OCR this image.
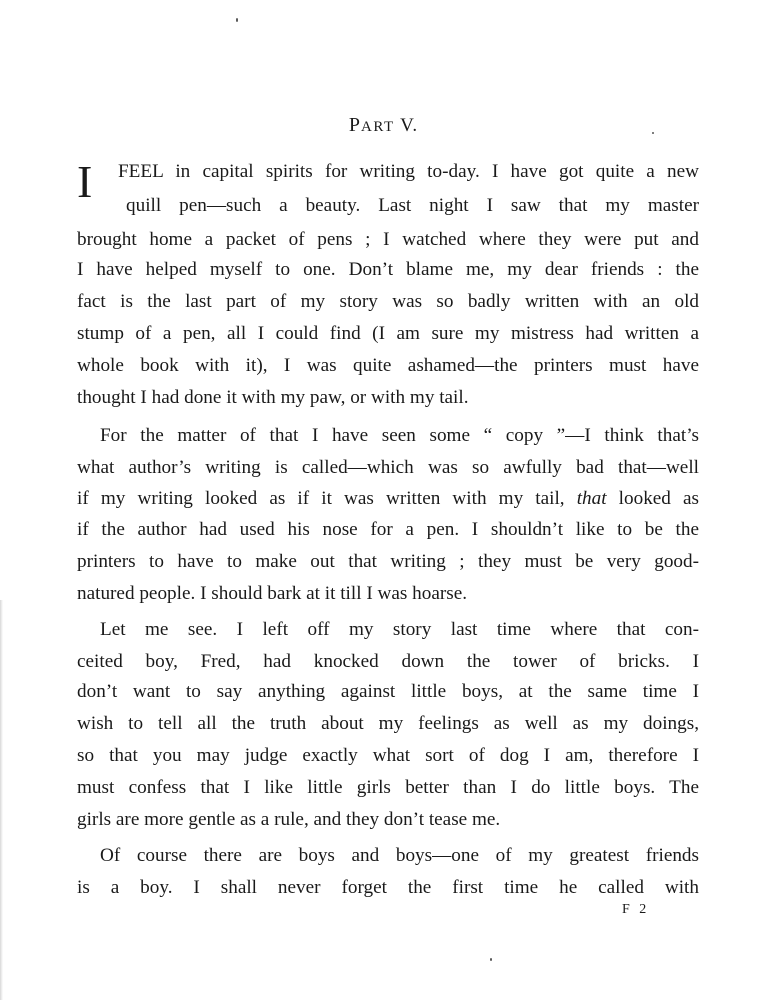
PART V.
I	FEEL in capital spirits for writing to-day. I have got quite a new
quill pen—such a beauty. Last night I saw that my master
brought home a packet of pens ; I watched where they were put and
I have helped myself to one. Don’t blame me, my dear friends : the
fact is the last part of my story was so badly written with an old
stump of a pen, all I could find (I am sure my mistress had written a
whole book with it), I was quite ashamed—the printers must have
thought I had done it with my paw, or with my tail.
For the matter of that I have seen some “ copy ”—I think that’s
what author’s writing is called—which was so awfully bad that—well
if my writing looked as if it was written with my tail, that looked as
if the author had used his nose for a pen. I shouldn’t like to be the
printers to have to make out that writing ; they must be very good-
natured people. I should bark at it till I was hoarse.
Let me see. I left off my story last time where that con-
ceited boy, Fred, had knocked down the tower of bricks. I
don’t want to say anything against little boys, at the same time I
wish to tell all the truth about my feelings as well as my doings,
so that you may judge exactly what sort of dog I am, therefore I
must confess that I like little girls better than I do little boys. The
girls are more gentle as a rule, and they don’t tease me.
Of course there are boys and boys—one of my greatest friends
is a boy. I shall never forget the first time he called with
F 2
